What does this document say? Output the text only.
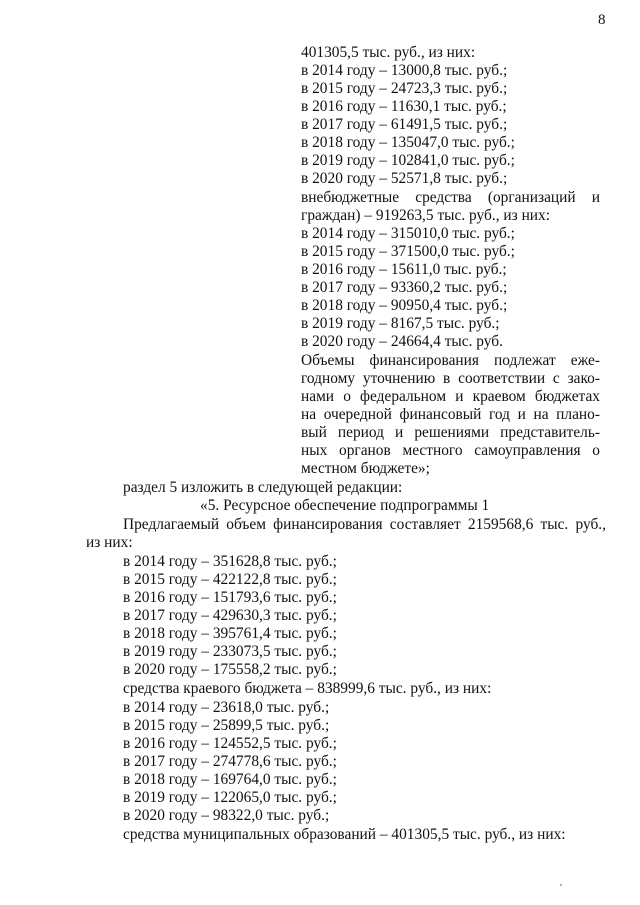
8
401305,5 тыс. руб., из них:
в 2014 году – 13000,8 тыс. руб.;
в 2015 году – 24723,3 тыс. руб.;
в 2016 году – 11630,1 тыс. руб.;
в 2017 году – 61491,5 тыс. руб.;
в 2018 году – 135047,0 тыс. руб.;
в 2019 году – 102841,0 тыс. руб.;
в 2020 году – 52571,8 тыс. руб.;
внебюджетные средства (организаций и
граждан) – 919263,5 тыс. руб., из них:
в 2014 году – 315010,0 тыс. руб.;
в 2015 году – 371500,0 тыс. руб.;
в 2016 году – 15611,0 тыс. руб.;
в 2017 году – 93360,2 тыс. руб.;
в 2018 году – 90950,4 тыс. руб.;
в 2019 году – 8167,5 тыс. руб.;
в 2020 году – 24664,4 тыс. руб.
Объемы финансирования подлежат еже-
годному уточнению в соответствии с зако-
нами о федеральном и краевом бюджетах
на очередной финансовый год и на плано-
вый период и решениями представитель-
ных органов местного самоуправления о
местном бюджете»;
раздел 5 изложить в следующей редакции:
«5. Ресурсное обеспечение подпрограммы 1
Предлагаемый объем финансирования составляет 2159568,6 тыс. руб.,
из них:
в 2014 году – 351628,8 тыс. руб.;
в 2015 году – 422122,8 тыс. руб.;
в 2016 году – 151793,6 тыс. руб.;
в 2017 году – 429630,3 тыс. руб.;
в 2018 году – 395761,4 тыс. руб.;
в 2019 году – 233073,5 тыс. руб.;
в 2020 году – 175558,2 тыс. руб.;
средства краевого бюджета – 838999,6 тыс. руб., из них:
в 2014 году – 23618,0 тыс. руб.;
в 2015 году – 25899,5 тыс. руб.;
в 2016 году – 124552,5 тыс. руб.;
в 2017 году – 274778,6 тыс. руб.;
в 2018 году – 169764,0 тыс. руб.;
в 2019 году – 122065,0 тыс. руб.;
в 2020 году – 98322,0 тыс. руб.;
средства муниципальных образований – 401305,5 тыс. руб., из них:
